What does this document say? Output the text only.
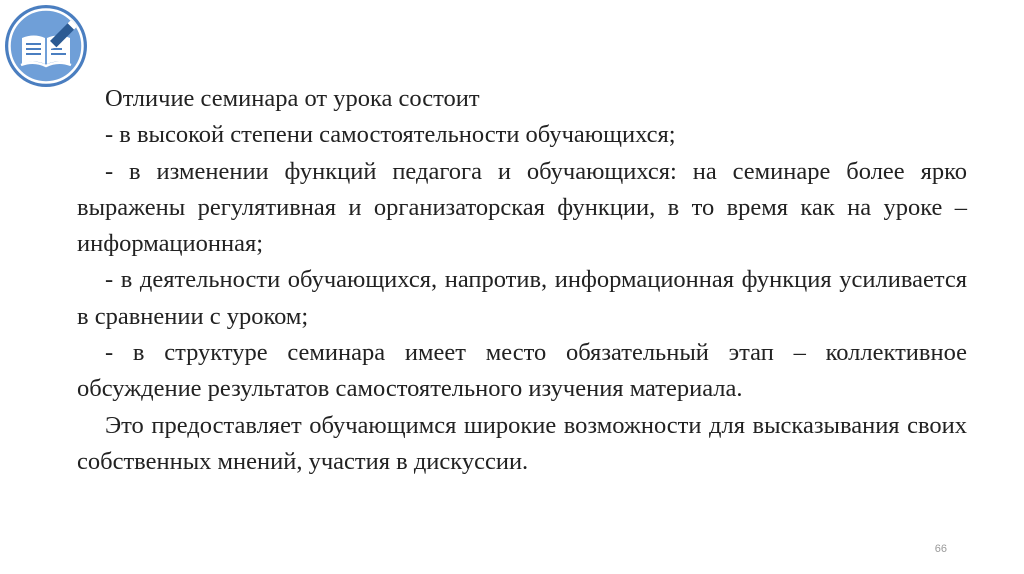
Отличие семинара от урока состоит

- в высокой степени самостоятельности обучающихся;

- в изменении функций педагога и обучающихся: на семинаре более ярко выражены регулятивная и организаторская функции, в то время как на уроке – информационная;

- в деятельности обучающихся, напротив, информационная функция усиливается в сравнении с уроком;

- в структуре семинара имеет место обязательный этап – коллективное обсуждение результатов самостоятельного изучения материала.

Это предоставляет обучающимся широкие возможности для высказывания своих собственных мнений, участия в дискуссии.

66
